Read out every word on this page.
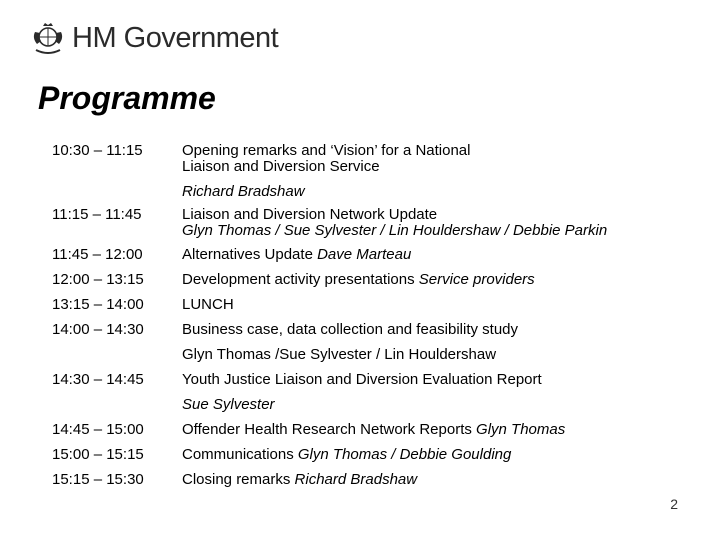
HM Government
Programme
10:30 – 11:15	Opening remarks and ‘Vision’ for a National
Liaison and Diversion Service
Richard Bradshaw
11:15 – 11:45	Liaison and Diversion Network Update
Glyn Thomas / Sue Sylvester / Lin Houldershaw / Debbie Parkin
11:45 – 12:00	Alternatives Update Dave Marteau
12:00 – 13:15	Development activity presentations Service providers
13:15 – 14:00	LUNCH
14:00 – 14:30	Business case, data collection and feasibility study
Glyn Thomas /Sue Sylvester / Lin Houldershaw
14:30 – 14:45	Youth Justice Liaison and Diversion Evaluation Report
Sue Sylvester
14:45 – 15:00	Offender Health Research Network Reports Glyn Thomas
15:00 – 15:15	Communications Glyn Thomas / Debbie Goulding
15:15 – 15:30	Closing remarks Richard Bradshaw
2
